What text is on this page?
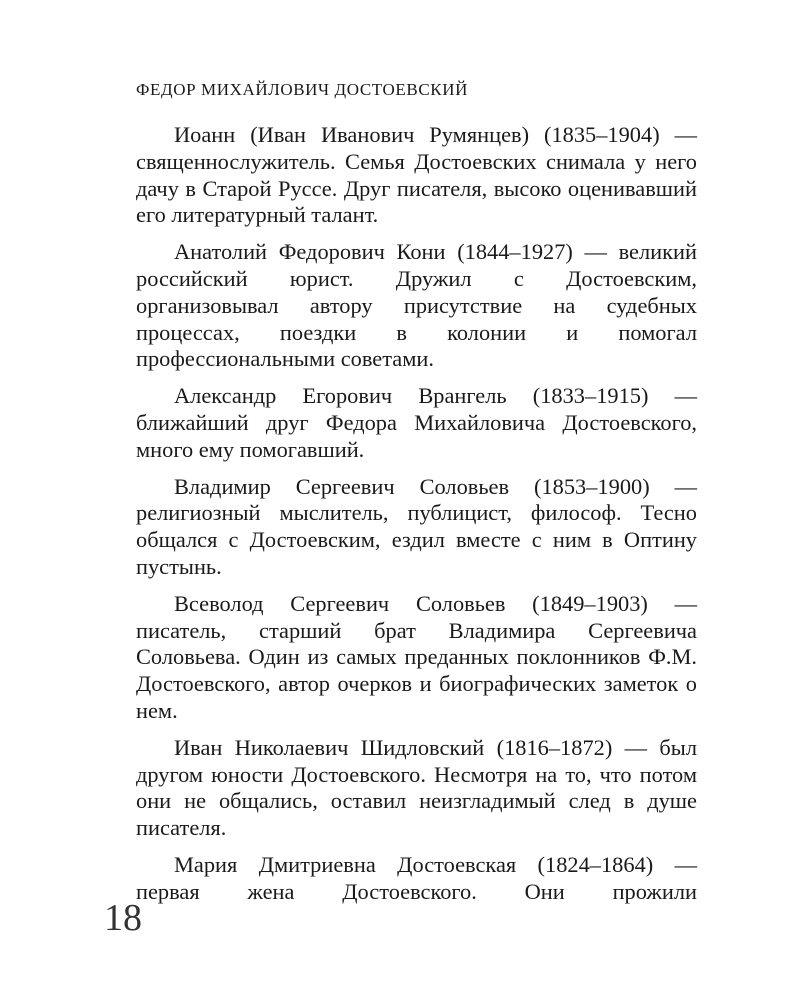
ФЕДОР МИХАЙЛОВИЧ ДОСТОЕВСКИЙ

Иоанн (Иван Иванович Румянцев) (1835–1904) — священнослужитель. Семья Достоевских снимала у него дачу в Старой Руссе. Друг писателя, высоко оценивавший его литературный талант.

Анатолий Федорович Кони (1844–1927) — великий российский юрист. Дружил с Достоевским, организовывал автору присутствие на судебных процессах, поездки в колонии и помогал профессиональными советами.

Александр Егорович Врангель (1833–1915) — ближайший друг Федора Михайловича Достоевского, много ему помогавший.

Владимир Сергеевич Соловьев (1853–1900) — религиозный мыслитель, публицист, философ. Тесно общался с Достоевским, ездил вместе с ним в Оптину пустынь.

Всеволод Сергеевич Соловьев (1849–1903) — писатель, старший брат Владимира Сергеевича Соловьева. Один из самых преданных поклонников Ф.М. Достоевского, автор очерков и биографических заметок о нем.

Иван Николаевич Шидловский (1816–1872) — был другом юности Достоевского. Несмотря на то, что потом они не общались, оставил неизгладимый след в душе писателя.

Мария Дмитриевна Достоевская (1824–1864) — первая жена Достоевского. Они прожили

18
